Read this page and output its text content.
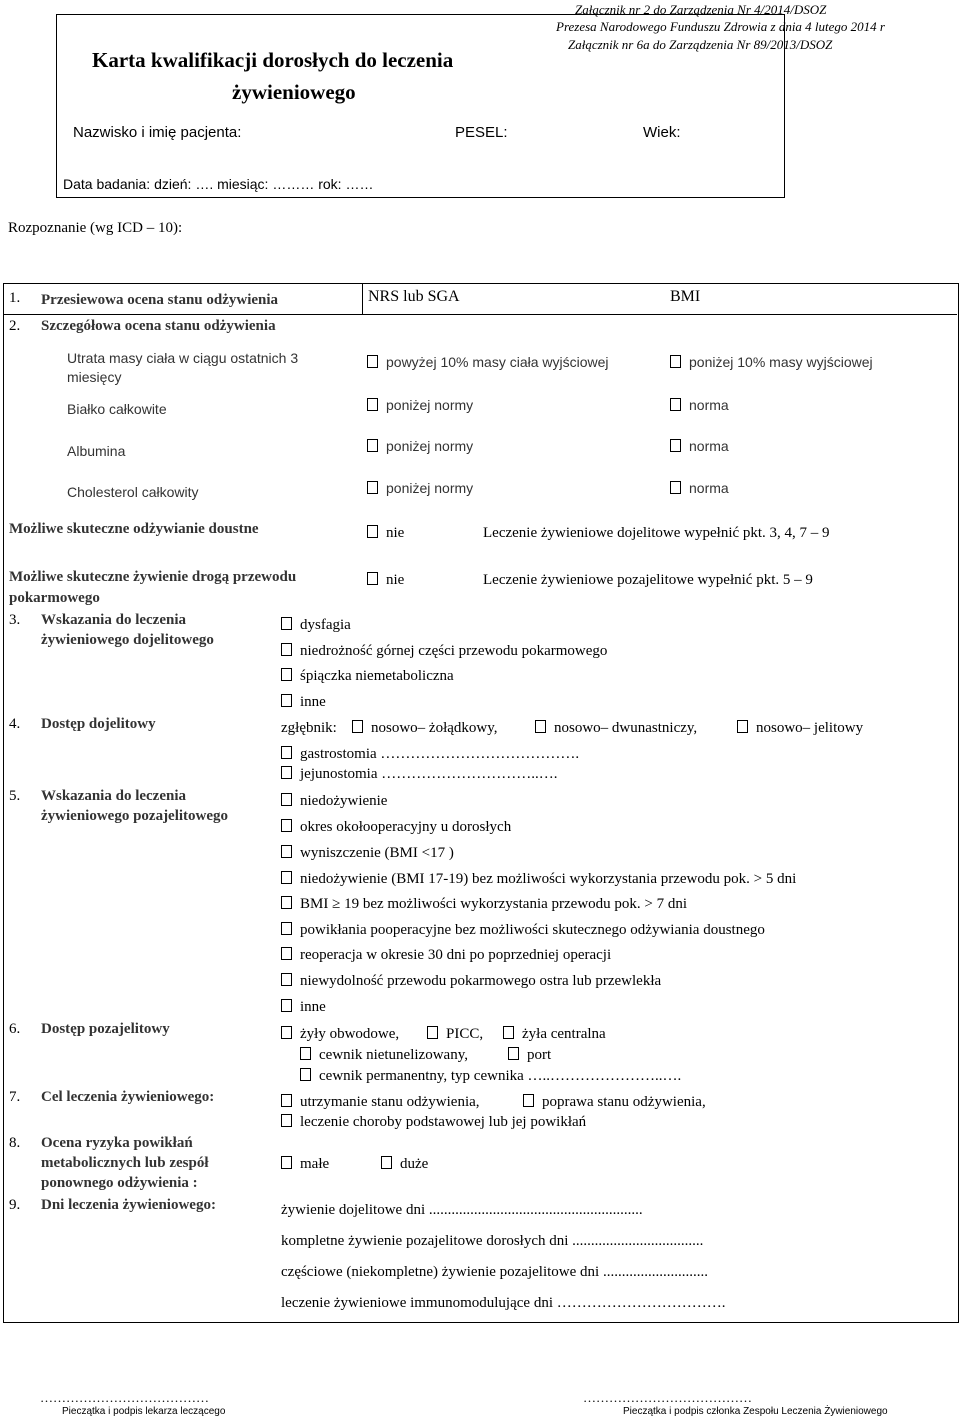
Załącznik nr 2 do Zarządzenia Nr 4/2014/DSOZ
Prezesa Narodowego Funduszu Zdrowia z dnia 4 lutego 2014 r
Załącznik nr 6a do Zarządzenia Nr 89/2013/DSOZ
Karta kwalifikacji dorosłych do leczenia
żywieniowego
Nazwisko i imię pacjenta:	PESEL:	Wiek:
Data badania: dzień: …. miesiąc: ……… rok: ……
Rozpoznanie (wg ICD – 10):
1. Przesiewowa ocena stanu odżywienia	NRS lub SGA	BMI
2. Szczegółowa ocena stanu odżywienia
Utrata masy ciała w ciągu ostatnich 3
miesięcy
powyżej 10% masy ciała wyjściowej	poniżej 10% masy wyjściowej
Białko całkowite	poniżej normy	norma
Albumina	poniżej normy	norma
Cholesterol całkowity	poniżej normy	norma
Możliwe skuteczne odżywianie doustne	nie	Leczenie żywieniowe dojelitowe wypełnić pkt. 3, 4, 7 – 9
Możliwe skuteczne żywienie drogą przewodu
pokarmowego
nie	Leczenie żywieniowe pozajelitowe wypełnić pkt. 5 – 9
3. Wskazania do leczenia
żywieniowego dojelitowego
dysfagia
niedrożność górnej części przewodu pokarmowego
śpiączka niemetaboliczna
inne
4. Dostęp dojelitowy	zgłębnik:	nosowo– żołądkowy,	nosowo– dwunastniczy,	nosowo– jelitowy
gastrostomia ………………………………….
jejunostomia …………………………..….
5. Wskazania do leczenia
żywieniowego pozajelitowego
niedożywienie
okres okołooperacyjny u dorosłych
wyniszczenie (BMI <17 )
niedożywienie (BMI 17-19) bez możliwości wykorzystania przewodu pok. > 5 dni
BMI ≥ 19 bez możliwości wykorzystania przewodu pok. > 7 dni
powikłania pooperacyjne bez możliwości skutecznego odżywiania doustnego
reoperacja w okresie 30 dni po poprzedniej operacji
niewydolność przewodu pokarmowego ostra lub przewlekła
inne
6. Dostęp pozajelitowy	żyły obwodowe,	PICC,	żyła centralna
cewnik nietunelizowany,	port
cewnik permanentny, typ cewnika …..…………………..….
7. Cel leczenia żywieniowego:	utrzymanie stanu odżywienia,	poprawa stanu odżywienia,
leczenie choroby podstawowej lub jej powikłań
8. Ocena ryzyka powikłań
metabolicznych lub zespół
ponownego odżywienia :
małe	duże
9. Dni leczenia żywieniowego:	żywienie dojelitowe dni .........................................................
kompletne żywienie pozajelitowe dorosłych dni ...................................
częściowe (niekompletne) żywienie pozajelitowe dni ............................
leczenie żywieniowe immunomodulujące dni …………………………….
…………………………………
Pieczątka i podpis lekarza leczącego
…………………………………
Pieczątka i podpis członka Zespołu Leczenia Żywieniowego
